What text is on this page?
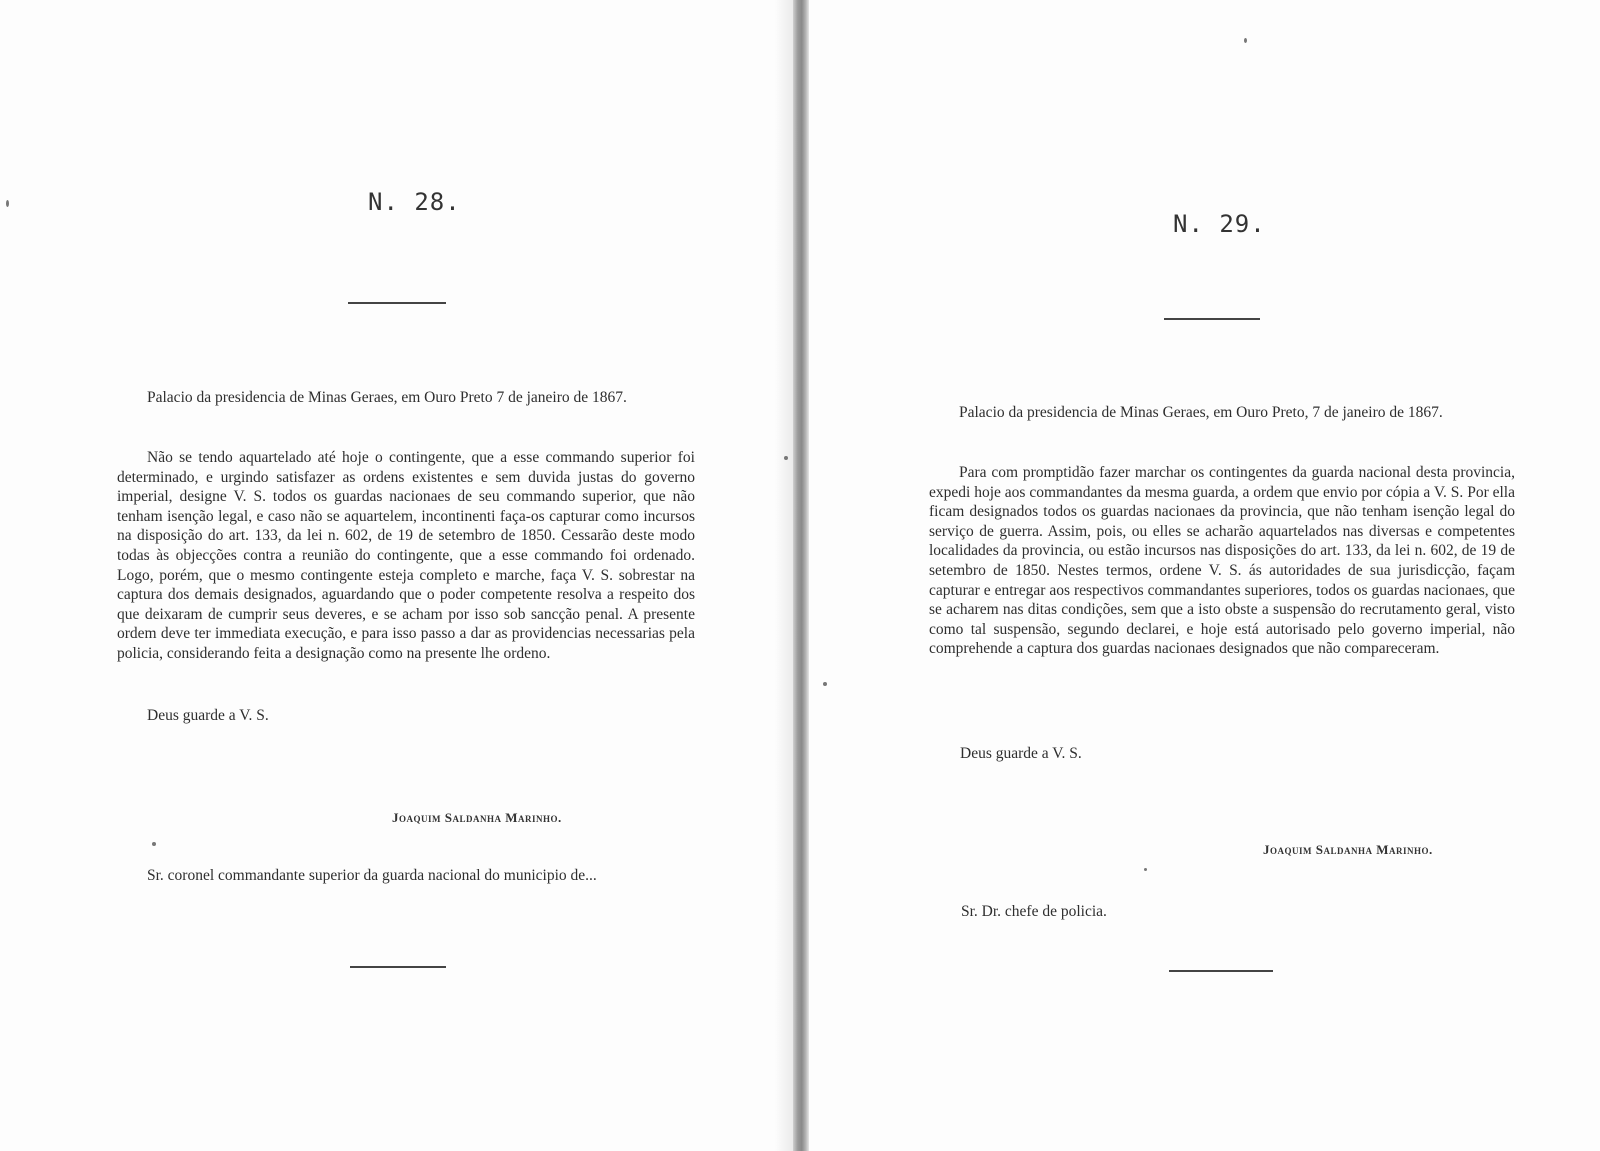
N. 28.
Palacio da presidencia de Minas Geraes, em Ouro Preto 7 de janeiro de 1867.
Não se tendo aquartelado até hoje o contingente, que a esse commando superior foi determinado, e urgindo satisfazer as ordens existentes e sem duvida justas do governo imperial, designe V. S. todos os guardas nacionaes de seu commando superior, que não tenham isenção legal, e caso não se aquartelem, incontinenti faça-os capturar como incursos na disposição do art. 133, da lei n. 602, de 19 de setembro de 1850. Cessarão deste modo todas às objecções contra a reunião do contingente, que a esse commando foi ordenado. Logo, porém, que o mesmo contingente esteja completo e marche, faça V. S. sobrestar na captura dos demais designados, aguardando que o poder competente resolva a respeito dos que deixaram de cumprir seus deveres, e se acham por isso sob sancção penal. A presente ordem deve ter immediata execução, e para isso passo a dar as providencias necessarias pela policia, considerando feita a designação como na presente lhe ordeno.
Deus guarde a V. S.
Joaquim Saldanha Marinho.
Sr. coronel commandante superior da guarda nacional do municipio de...
N. 29.
Palacio da presidencia de Minas Geraes, em Ouro Preto, 7 de janeiro de 1867.
Para com promptidão fazer marchar os contingentes da guarda nacional desta provincia, expedi hoje aos commandantes da mesma guarda, a ordem que envio por cópia a V. S. Por ella ficam designados todos os guardas nacionaes da provincia, que não tenham isenção legal do serviço de guerra. Assim, pois, ou elles se acharão aquartelados nas diversas e competentes localidades da provincia, ou estão incursos nas disposições do art. 133, da lei n. 602, de 19 de setembro de 1850. Nestes termos, ordene V. S. ás autoridades de sua jurisdicção, façam capturar e entregar aos respectivos commandantes superiores, todos os guardas nacionaes, que se acharem nas ditas condições, sem que a isto obste a suspensão do recrutamento geral, visto como tal suspensão, segundo declarei, e hoje está autorisado pelo governo imperial, não comprehende a captura dos guardas nacionaes designados que não compareceram.
Deus guarde a V. S.
Joaquim Saldanha Marinho.
Sr. Dr. chefe de policia.
